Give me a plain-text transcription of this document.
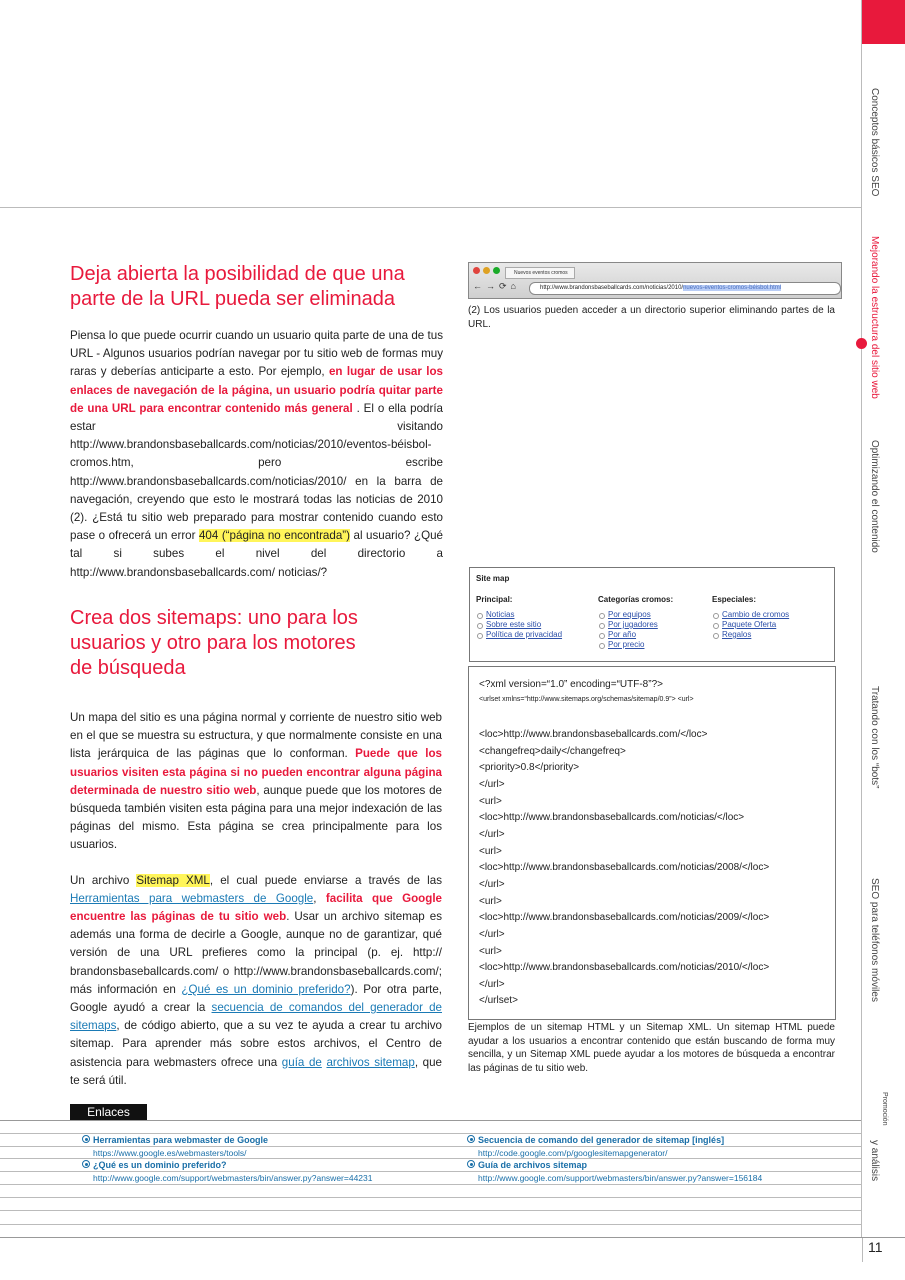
Conceptos básicos SEO
Mejorando la estructura del sitio web
Optimizando el contenido
Tratando con los “bots”
SEO para teléfonos móviles
Promoción
y análisis
Deja abierta la posibilidad de que una parte de la URL pueda ser eliminada

Piensa lo que puede ocurrir cuando un usuario quita parte de una de tus URL - Algunos usuarios podrían navegar por tu sitio web de formas muy raras y deberías anticiparte a esto. Por ejemplo, en lugar de usar los enlaces de navegación de la página, un usuario podría quitar parte de una URL para encontrar contenido más general . El o ella podría estar visitando http://www.brandonsbaseballcards.com/noticias/2010/eventos-béisbol-cromos.htm, pero escribe http://www.brandonsbaseballcards.com/noticias/2010/ en la barra de navegación, creyendo que esto le mostrará todas las noticias de 2010 (2). ¿Está tu sitio web preparado para mostrar contenido cuando esto pase o ofrecerá un error 404 (“página no encontrada”) al usuario? ¿Qué tal si subes el nivel del directorio a http://www.brandonsbaseballcards.com/ noticias/?

Nuevos eventos cromos
←→⟳⌂	http://www.brandonsbaseballcards.com/noticias/2010/nuevos-eventos-cromos-béisbol.html

(2) Los usuarios pueden acceder a un directorio superior eliminando partes de la URL.

Site map
Principal:
Noticias
Sobre este sitio
Política de privacidad
Categorías cromos:
Por equipos
Por jugadores
Por año
Por precio
Especiales:
Cambio de cromos
Paquete Oferta
Regalos
<?xml version=“1.0” encoding=“UTF-8”?>
<urlset xmlns=“http://www.sitemaps.org/schemas/sitemap/0.9”> <url>
<loc>http://www.brandonsbaseballcards.com/</loc>
<changefreq>daily</changefreq>
<priority>0.8</priority>
</url>
<url>
<loc>http://www.brandonsbaseballcards.com/noticias/</loc>
</url>
<url>
<loc>http://www.brandonsbaseballcards.com/noticias/2008/</loc>
</url>
<url>
<loc>http://www.brandonsbaseballcards.com/noticias/2009/</loc>
</url>
<url>
<loc>http://www.brandonsbaseballcards.com/noticias/2010/</loc>
</url>
</urlset>

Ejemplos de un sitemap HTML y un Sitemap XML. Un sitemap HTML puede ayudar a los usuarios a encontrar contenido que están buscando de forma muy sencilla, y un Sitemap XML puede ayudar a los motores de búsqueda a encontrar las páginas de tu sitio web.

Crea dos sitemaps: uno para los
usuarios y otro para los motores
de búsqueda

Un mapa del sitio es una página normal y corriente de nuestro sitio web en el que se muestra su estructura, y que normalmente consiste en una lista jerárquica de las páginas que lo conforman. Puede que los usuarios visiten esta página si no pueden encontrar alguna página determinada de nuestro sitio web, aunque puede que los motores de búsqueda también visiten esta página para una mejor indexación de las páginas del mismo. Esta página se crea principalmente para los usuarios.

Un archivo Sitemap XML, el cual puede enviarse a través de las Herramientas para webmasters de Google, facilita que Google encuentre las páginas de tu sitio web. Usar un archivo sitemap es además una forma de decirle a Google, aunque no de garantizar, qué versión de una URL prefieres como la principal (p. ej. http:// brandonsbaseballcards.com/ o http://www.brandonsbaseballcards.com/; más información en ¿Qué es un dominio preferido?). Por otra parte, Google ayudó a crear la secuencia de comandos del generador de sitemaps, de código abierto, que a su vez te ayuda a crear tu archivo sitemap. Para aprender más sobre estos archivos, el Centro de asistencia para webmasters ofrece una guía de archivos sitemap, que te será útil.

Enlaces
Herramientas para webmaster de Google
https://www.google.es/webmasters/tools/
¿Qué es un dominio preferido?
http://www.google.com/support/webmasters/bin/answer.py?answer=44231
Secuencia de comando del generador de sitemap [inglés]
http://code.google.com/p/googlesitemapgenerator/
Guía de archivos sitemap
http://www.google.com/support/webmasters/bin/answer.py?answer=156184
11
